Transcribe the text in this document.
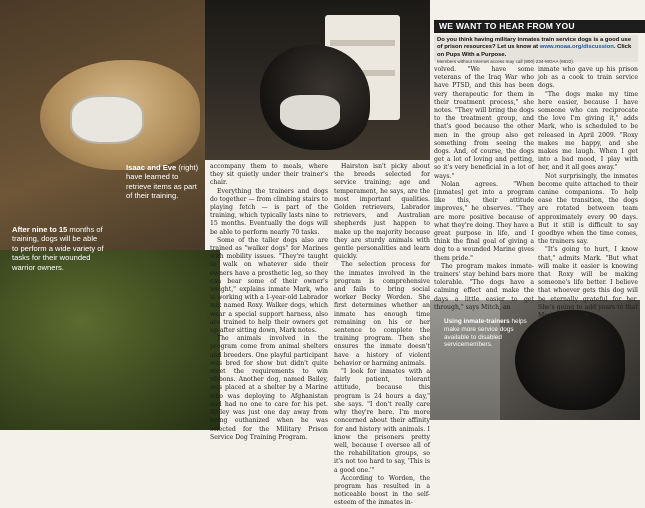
Isaac and Eve (right) have learned to retrieve items as part of their training.
After nine to 15 months of training, dogs will be able to perform a wide variety of tasks for their wounded warrior owners.
Using inmate-trainers helps make more service dogs available to disabled servicemembers.
WE WANT TO HEAR FROM YOU
Do you think having military inmates train service dogs is a good use of prison resources? Let us know at www.moaa.org/discussion. Click on Pups With a Purpose.
Members without Internet access may call (800) 234-MOAA (6622).

accompany them to meals, where they sit quietly under their trainer's chair.

Everything the trainers and dogs do together — from climbing stairs to playing fetch — is part of the training, which typically lasts nine to 15 months. Eventually the dogs will be able to perform nearly 70 tasks.

Some of the taller dogs also are trained as "walker dogs" for Marines with mobility issues. "They're taught to walk on whatever side their owners have a prosthetic leg, so they can bear some of their owner's weight," explains inmate Mark, who is working with a 1-year-old Labrador mix named Roxy. Walker dogs, which wear a special support harness, also are trained to help their owners get up after sitting down, Mark notes.

The animals involved in the program come from animal shelters and breeders. One playful participant was bred for show but didn't quite meet the requirements to win ribbons. Another dog, named Bailey, was placed at a shelter by a Marine who was deploying to Afghanistan and had no one to care for his pet. Bailey was just one day away from being euthanized when he was selected for the Military Prison Service Dog Training Program.

Hairston isn't picky about the breeds selected for service training; age and temperament, he says, are the most important qualities. Golden retrievers, Labrador retrievers, and Australian shepherds just happen to make up the majority because they are sturdy animals with gentle personalities and learn quickly.

The selection process for the inmates involved in the program is comprehensive and fails to bring social worker Becky Worden. She first determines whether an inmate has enough time remaining on his or her sentence to complete the training program. Then she ensures the inmate doesn't have a history of violent behavior or harming animals.

"I look for inmates with a fairly patient, tolerant attitude, because this program is 24 hours a day," she says. "I don't really care why they're here. I'm more concerned about their affinity for and history with animals. I know the prisoners pretty well, because I oversee all of the rehabilitation groups, so it's not too hard to say, 'This is a good one.'"

According to Worden, the program has resulted in a noticeable boost in the self-esteem of the inmates in-

volved. "We have some veterans of the Iraq War who have PTSD, and this has been very therapeutic for them in their treatment process," she notes. "They will bring the dogs to the treatment group, and that's good because the other men in the group also get something from seeing the dogs. And, of course, the dogs get a lot of loving and petting, so it's very beneficial in a lot of ways."

Nolan agrees. "When [inmates] get into a program like this, their attitude improves," he observes. "They are more positive because of what they're doing. They have a great purpose in life, and I think the final goal of giving a dog to a wounded Marine gives them pride."

The program makes inmate-trainers' stay behind bars more tolerable. "The dogs have a calming effect and make the days a little easier to get through," says Mitch, an

inmate who gave up his prison job as a cook to train service dogs.

"The dogs make my time here easier, because I have someone who can reciprocate the love I'm giving it," adds Mark, who is scheduled to be released in April 2009. "Roxy makes me happy, and she makes me laugh. When I get into a bad mood, I play with her, and it all goes away."

Not surprisingly, the inmates become quite attached to their canine companions. To help ease the transition, the dogs are rotated between team approximately every 90 days. But it still is difficult to say goodbye when the time comes, the trainers say.

"It's going to hurt, I know that," admits Mark. "But what will make it easier is knowing that Roxy will be making someone's life better. I believe that whoever gets this dog will be eternally grateful for her. She's going to add years to that Marine's life." ■
